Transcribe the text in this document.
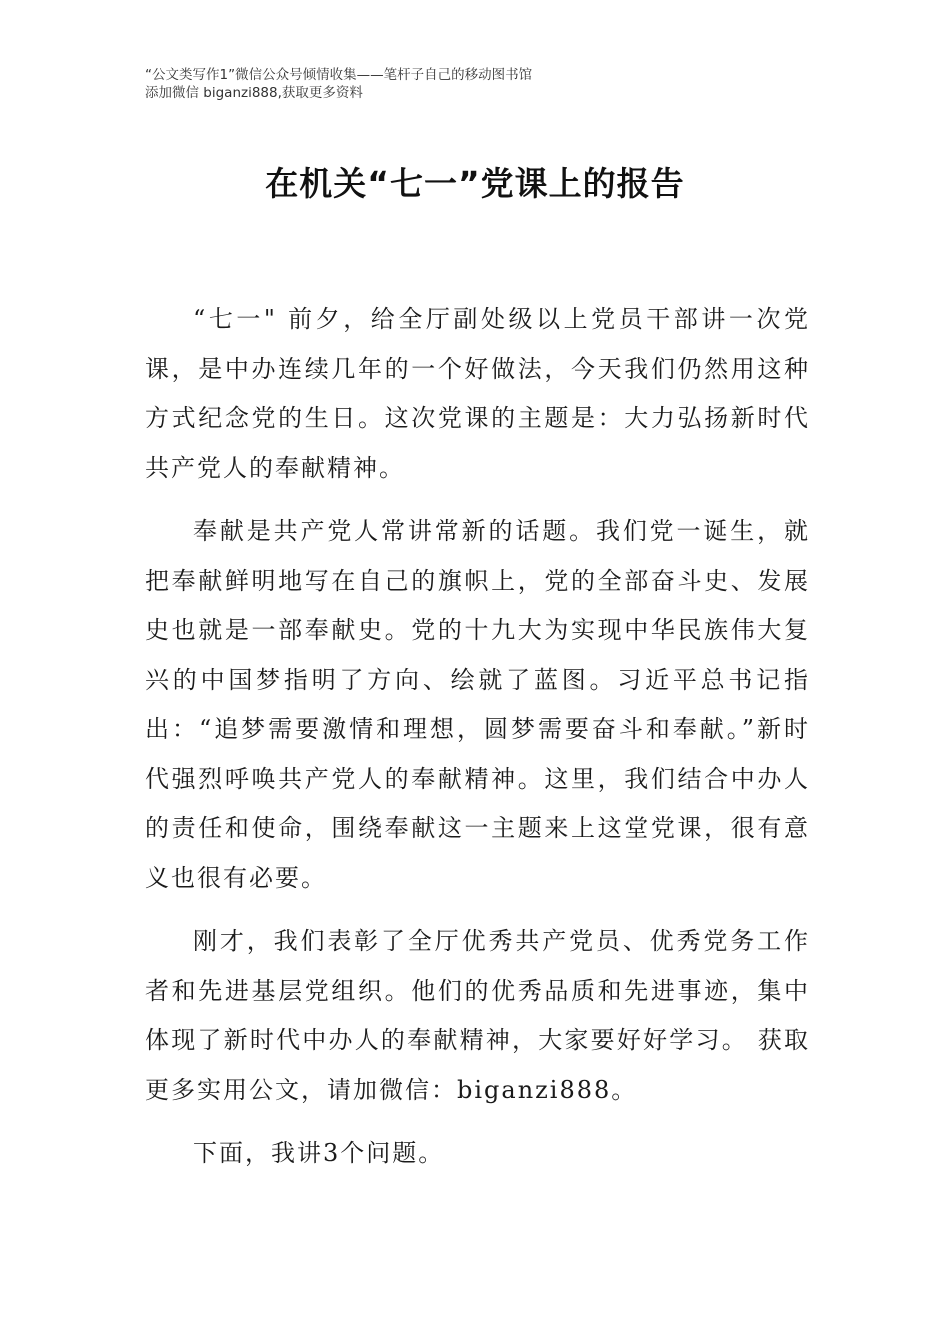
“公文类写作1”微信公众号倾情收集——笔杆子自己的移动图书馆
添加微信 biganzi888,获取更多资料
在机关“七一”党课上的报告

“七一" 前夕，给全厅副处级以上党员干部讲一次党课，是中办连续几年的一个好做法，今天我们仍然用这种方式纪念党的生日。这次党课的主题是：大力弘扬新时代共产党人的奉献精神。

奉献是共产党人常讲常新的话题。我们党一诞生，就把奉献鲜明地写在自己的旗帜上，党的全部奋斗史、发展史也就是一部奉献史。党的十九大为实现中华民族伟大复兴的中国梦指明了方向、绘就了蓝图。习近平总书记指出：“追梦需要激情和理想，圆梦需要奋斗和奉献。”新时代强烈呼唤共产党人的奉献精神。这里，我们结合中办人的责任和使命，围绕奉献这一主题来上这堂党课，很有意义也很有必要。

刚才，我们表彰了全厅优秀共产党员、优秀党务工作者和先进基层党组织。他们的优秀品质和先进事迹，集中体现了新时代中办人的奉献精神，大家要好好学习。 获取更多实用公文，请加微信：biganzi888。

下面，我讲3个问题。
